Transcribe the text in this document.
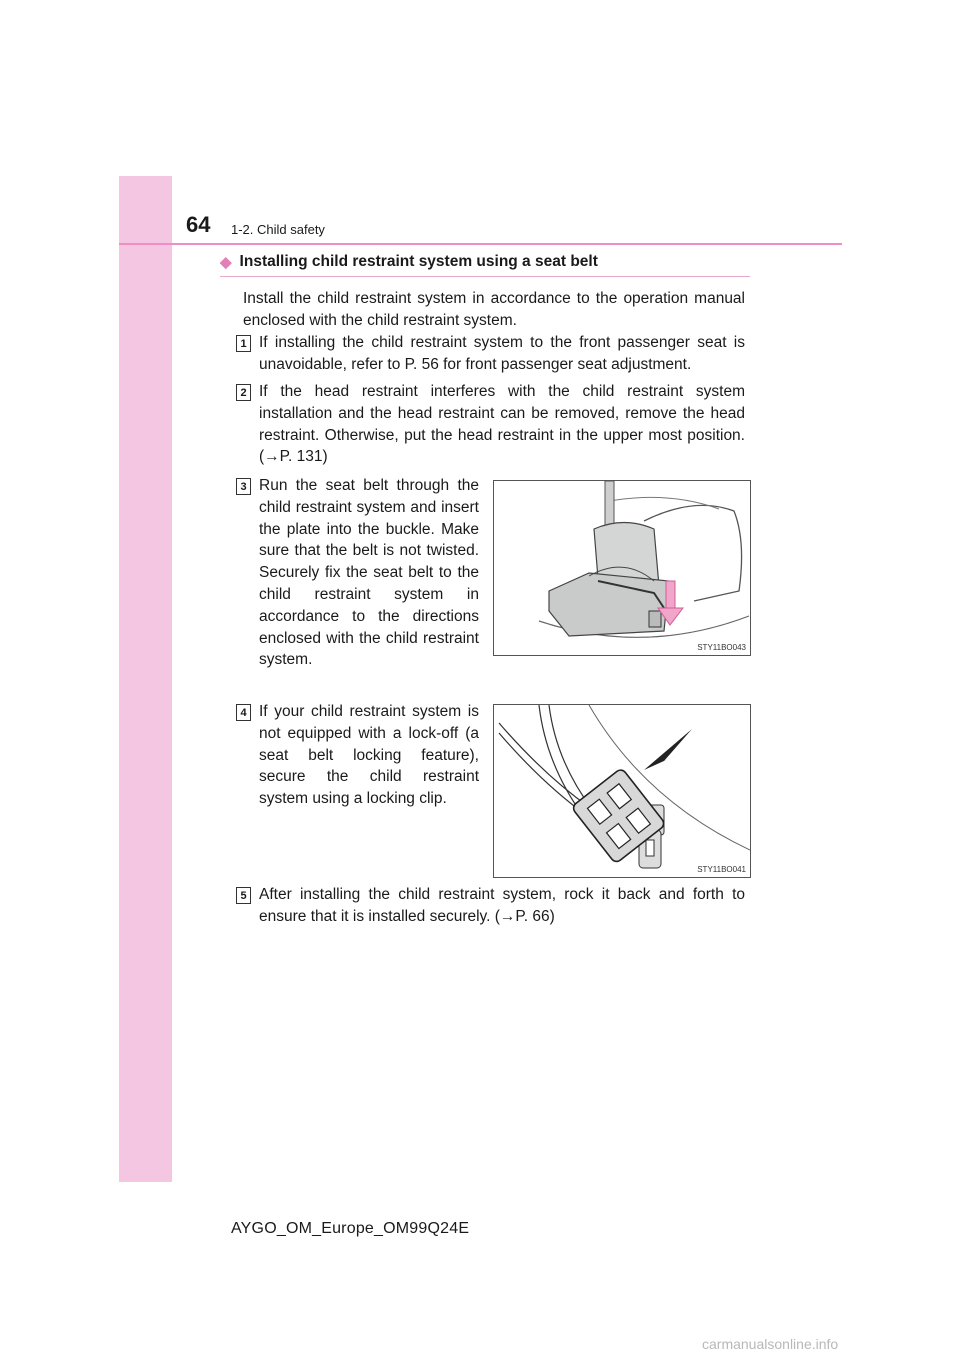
64 1-2. Child safety
◆ Installing child restraint system using a seat belt

Install the child restraint system in accordance to the operation manual enclosed with the child restraint system.

1 If installing the child restraint system to the front passenger seat is unavoidable, refer to P. 56 for front passenger seat adjustment.

2 If the head restraint interferes with the child restraint system installation and the head restraint can be removed, remove the head restraint. Otherwise, put the head restraint in the upper most position. (→P. 131)

3 Run the seat belt through the child restraint system and insert the plate into the buckle. Make sure that the belt is not twisted. Securely fix the seat belt to the child restraint system in accordance to the directions enclosed with the child restraint system.

STY11BO043
4 If your child restraint system is not equipped with a lock-off (a seat belt locking feature), secure the child restraint system using a locking clip.

STY11BO041
5 After installing the child restraint system, rock it back and forth to ensure that it is installed securely. (→P. 66)

AYGO_OM_Europe_OM99Q24E
carmanualsonline.info
